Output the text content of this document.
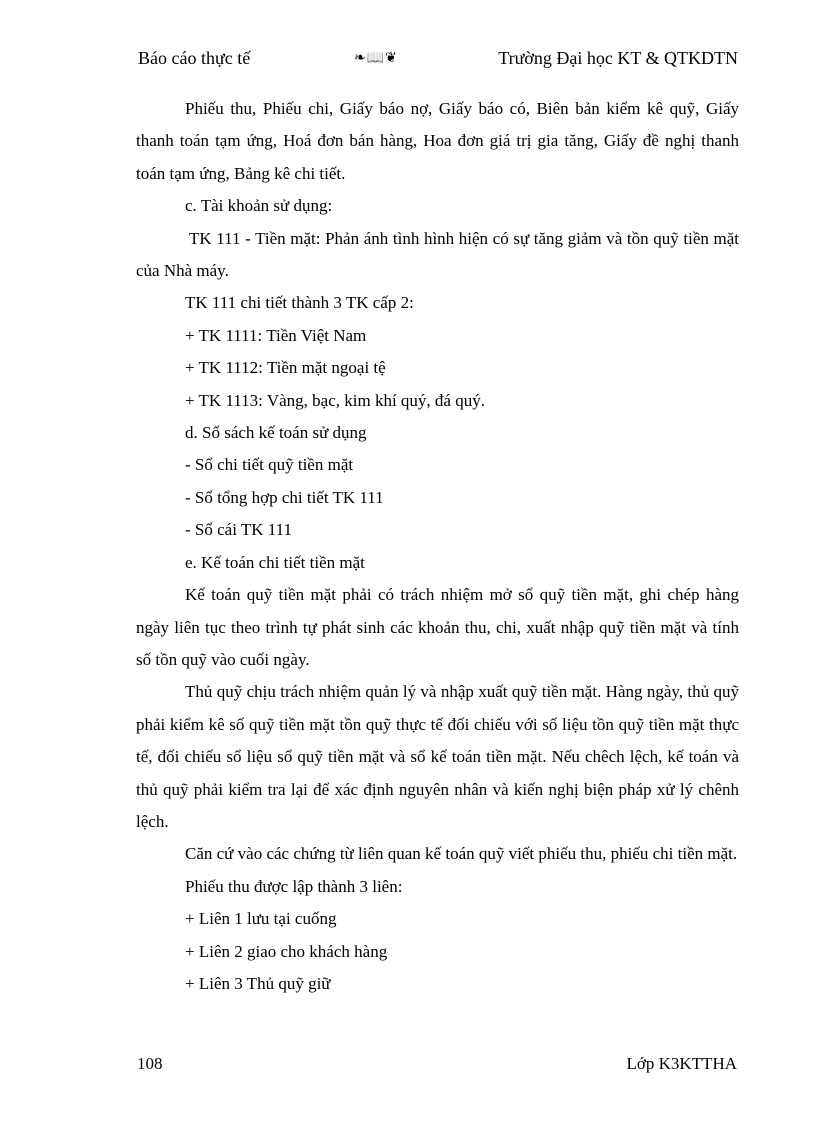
Báo cáo thực tế	❧📖❦	Trường Đại học KT & QTKDTN

Phiếu thu, Phiếu chi, Giấy báo nợ, Giấy báo có, Biên bản kiểm kê quỹ, Giấy thanh toán tạm ứng, Hoá đơn bán hàng, Hoa đơn giá trị gia tăng, Giấy đề nghị thanh toán tạm ứng, Bảng kê chi tiết.

c. Tài khoản sử dụng:

TK 111 - Tiền mặt: Phản ánh tình hình hiện có sự tăng giảm và tồn quỹ tiền mặt của Nhà máy.

TK 111 chi tiết thành 3 TK cấp 2:

+ TK 1111: Tiền Việt Nam

+ TK 1112: Tiền mặt ngoại tệ

+ TK 1113: Vàng, bạc, kim khí quý, đá quý.

d. Sổ sách kế toán sử dụng

- Sổ chi tiết quỹ tiền mặt

- Sổ tổng hợp chi tiết TK 111

- Sổ cái TK 111

e. Kế toán chi tiết tiền mặt

Kế toán quỹ tiền mặt phải có trách nhiệm mở sổ quỹ tiền mặt, ghi chép hàng ngày liên tục theo trình tự phát sinh các khoản thu, chi, xuất nhập quỹ tiền mặt và tính số tồn quỹ vào cuối ngày.

Thủ quỹ chịu trách nhiệm quản lý và nhập xuất quỹ tiền mặt. Hàng ngày, thủ quỹ phải kiểm kê số quỹ tiền mặt tồn quỹ thực tế đối chiếu với số liệu tồn quỹ tiền mặt thực tế, đối chiếu sổ liệu sổ quỹ tiền mặt và sổ kế toán tiền mặt. Nếu chêch lệch, kế toán và thủ quỹ phải kiểm tra lại để xác định nguyên nhân và kiến nghị biện pháp xử lý chênh lệch.

Căn cứ vào các chứng từ liên quan kế toán quỹ viết phiếu thu, phiếu chi tiền mặt.

Phiếu thu được lập thành 3 liên:

+ Liên 1 lưu tại cuống

+ Liên 2 giao cho khách hàng

+ Liên 3 Thủ quỹ giữ

108	Lớp K3KTTHA
